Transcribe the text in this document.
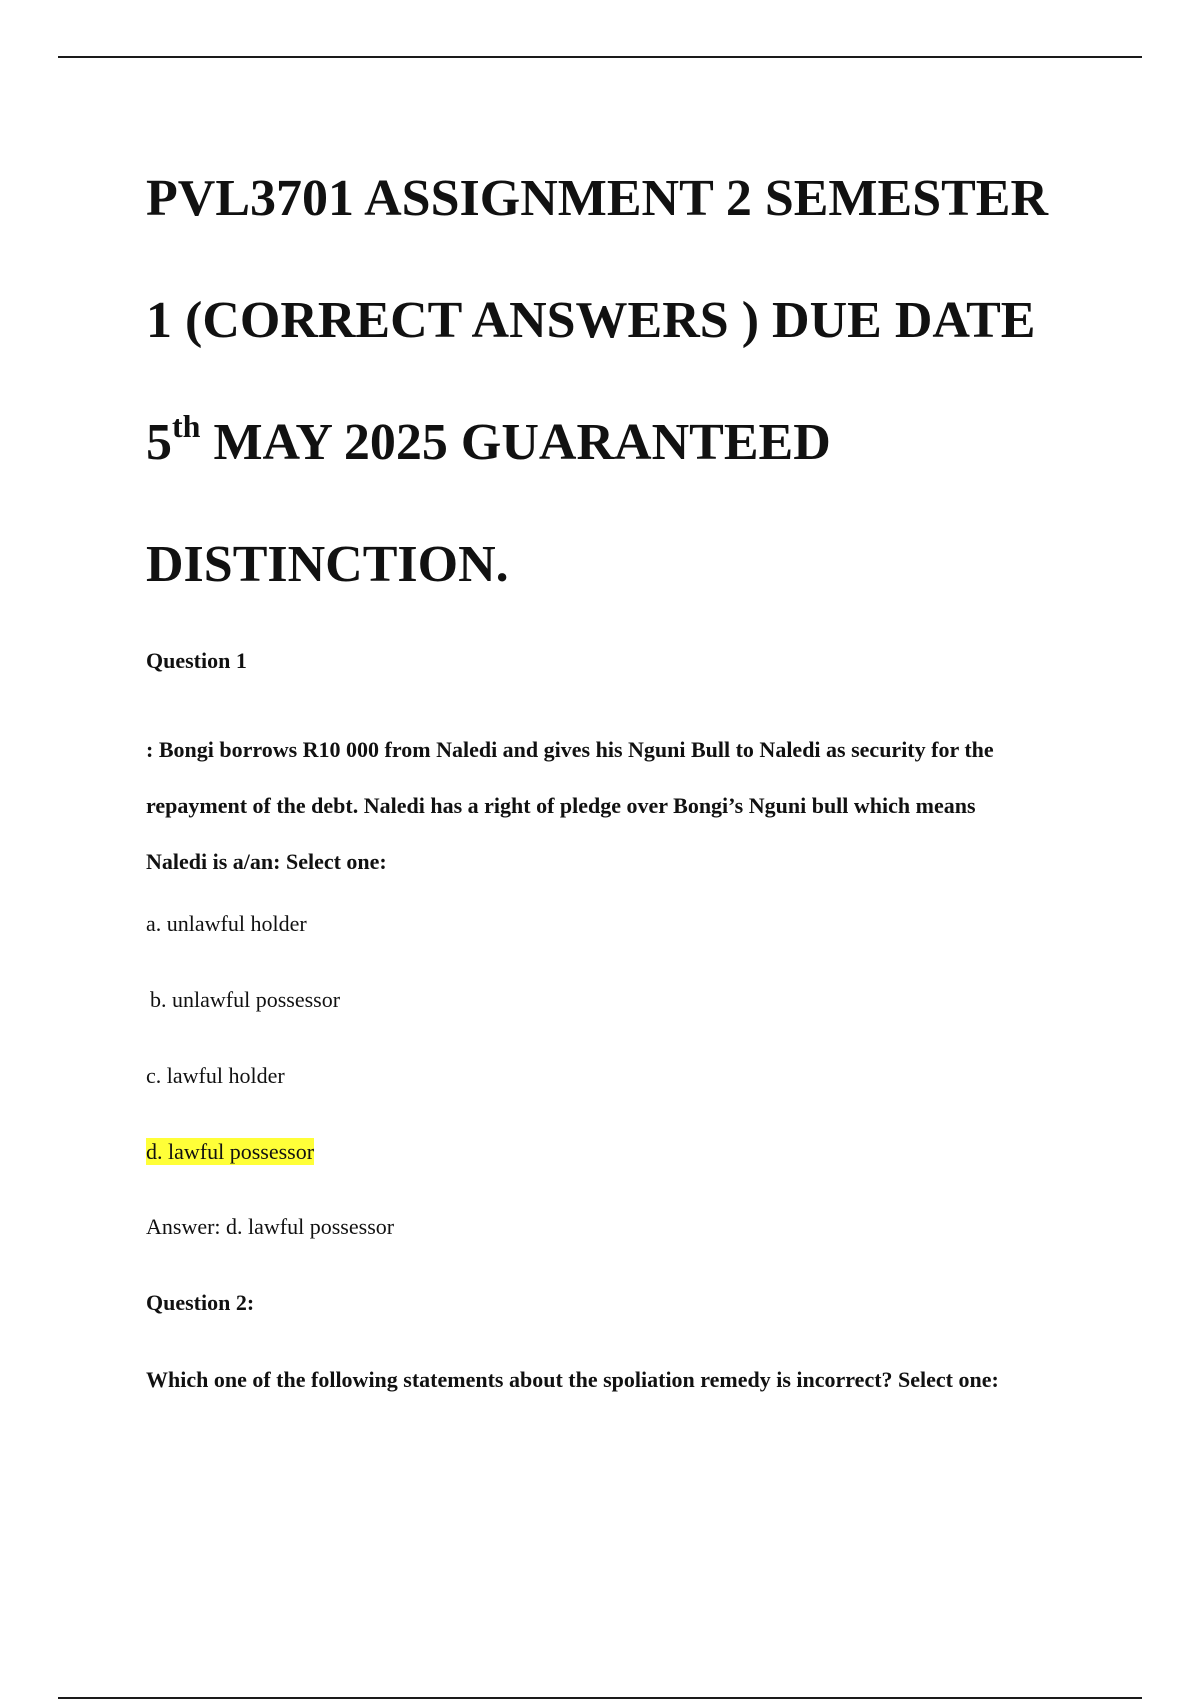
PVL3701 ASSIGNMENT 2 SEMESTER
1 (CORRECT ANSWERS ) DUE DATE
5th MAY 2025 GUARANTEED
DISTINCTION.

Question 1

: Bongi borrows R10 000 from Naledi and gives his Nguni Bull to Naledi as security for the
repayment of the debt. Naledi has a right of pledge over Bongi’s Nguni bull which means
Naledi is a/an: Select one:

a. unlawful holder

b. unlawful possessor

c. lawful holder

d. lawful possessor

Answer: d. lawful possessor

Question 2:

Which one of the following statements about the spoliation remedy is incorrect? Select one:
